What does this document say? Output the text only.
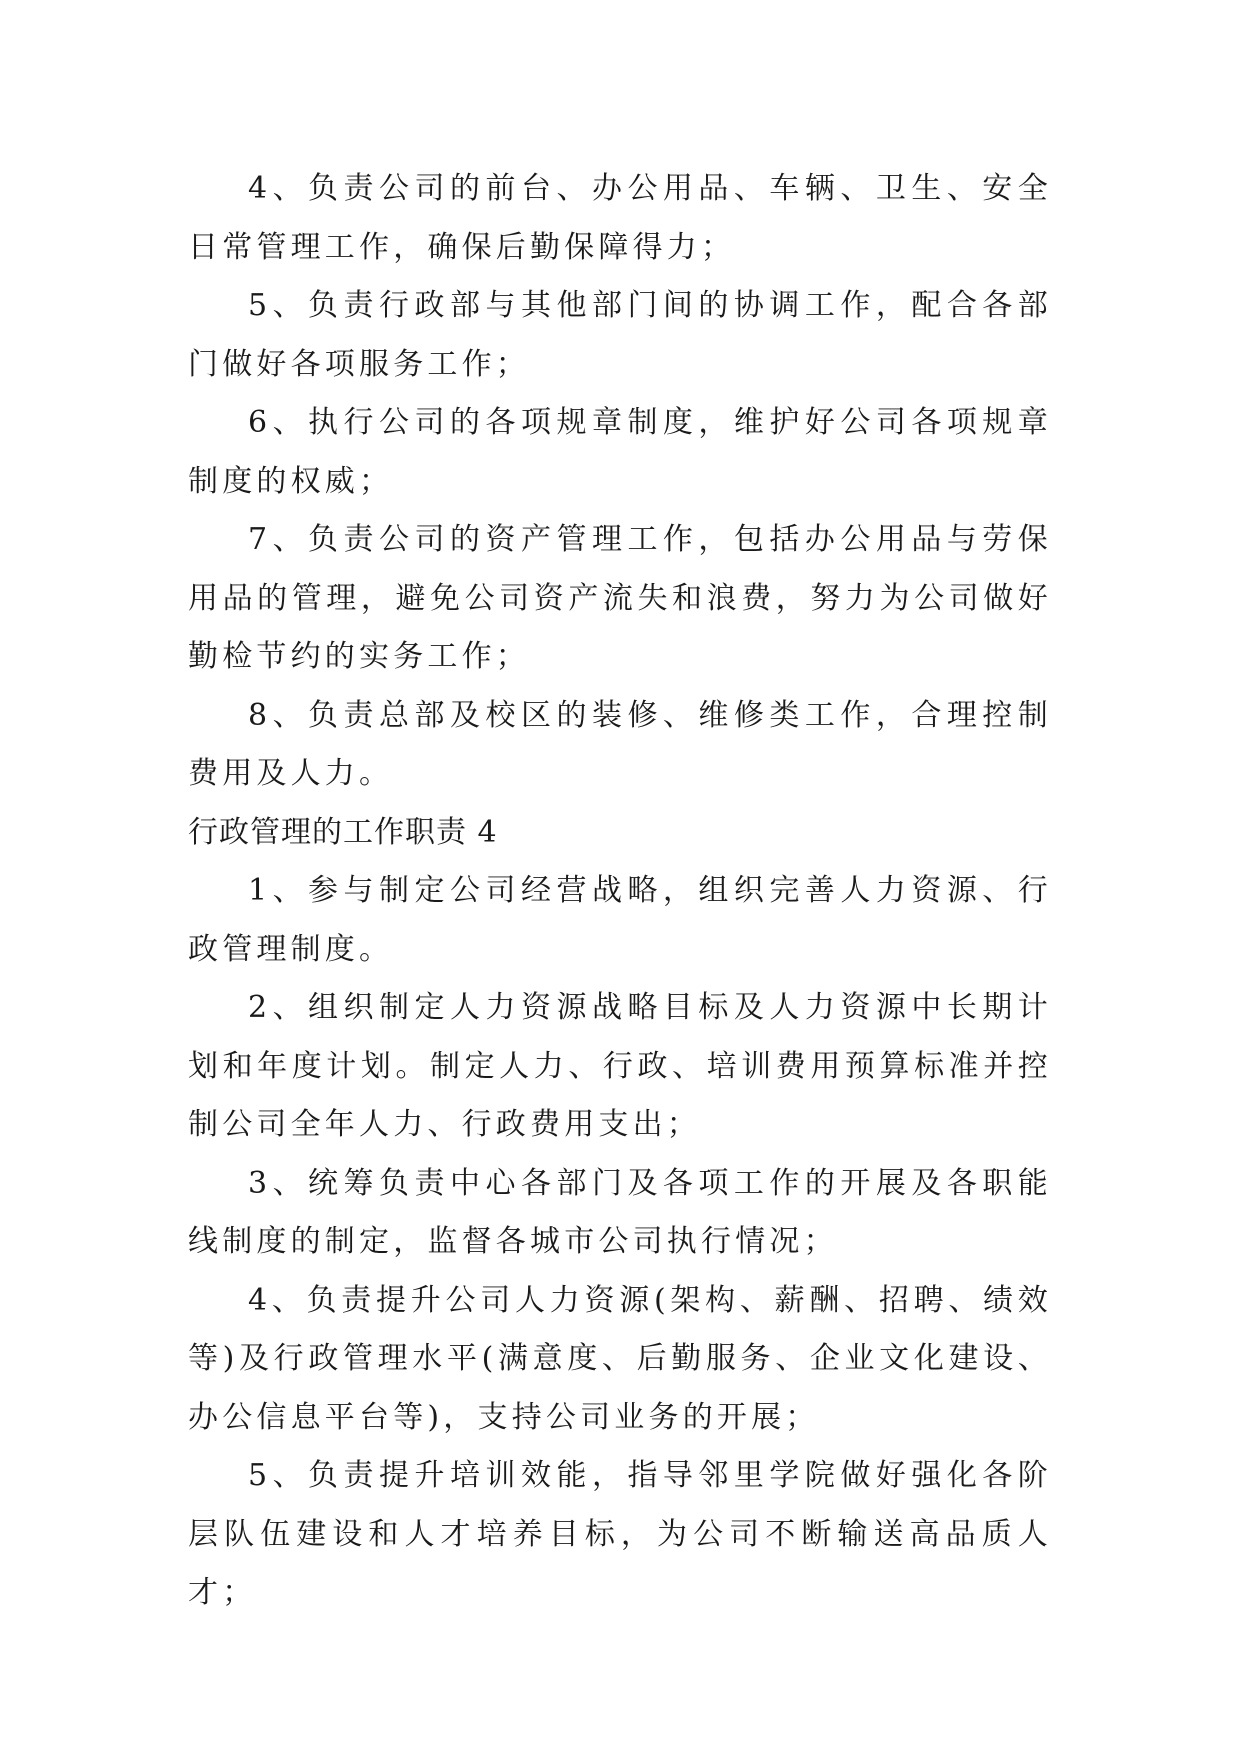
4、负责公司的前台、办公用品、车辆、卫生、安全日常管理工作，确保后勤保障得力；

5、负责行政部与其他部门间的协调工作，配合各部门做好各项服务工作；

6、执行公司的各项规章制度，维护好公司各项规章制度的权威；

7、负责公司的资产管理工作，包括办公用品与劳保用品的管理，避免公司资产流失和浪费，努力为公司做好勤检节约的实务工作；

8、负责总部及校区的装修、维修类工作，合理控制费用及人力。

行政管理的工作职责 4

1、参与制定公司经营战略，组织完善人力资源、行政管理制度。

2、组织制定人力资源战略目标及人力资源中长期计划和年度计划。制定人力、行政、培训费用预算标准并控制公司全年人力、行政费用支出；

3、统筹负责中心各部门及各项工作的开展及各职能线制度的制定，监督各城市公司执行情况；

4、负责提升公司人力资源(架构、薪酬、招聘、绩效等)及行政管理水平(满意度、后勤服务、企业文化建设、办公信息平台等)，支持公司业务的开展；

5、负责提升培训效能，指导邻里学院做好强化各阶层队伍建设和人才培养目标，为公司不断输送高品质人才；
